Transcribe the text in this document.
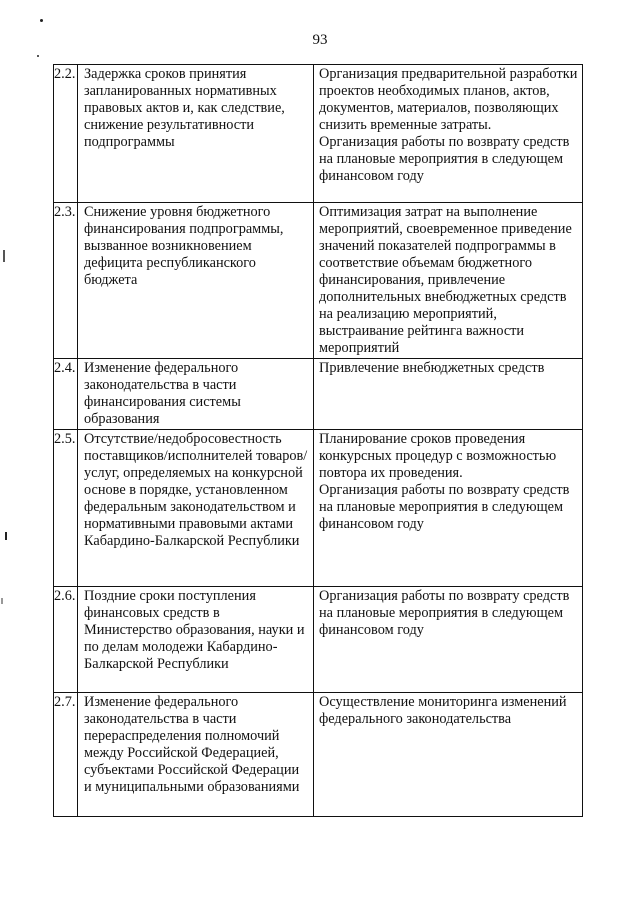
93
2.2.	Задержка сроков принятия запланированных нормативных правовых актов и, как следствие, снижение результативности подпрограммы	Организация предварительной разработки проектов необходимых планов, актов, документов, материалов, позволяющих снизить временные затраты.
Организация работы по возврату средств на плановые мероприятия в следующем финансовом году

2.3.	Снижение уровня бюджетного финансирования подпрограммы, вызванное возникновением дефицита республиканского бюджета	Оптимизация затрат на выполнение мероприятий, своевременное приведение значений показателей подпрограммы в соответствие объемам бюджетного финансирования, привлечение дополнительных внебюджетных средств на реализацию мероприятий, выстраивание рейтинга важности мероприятий

2.4.	Изменение федерального законодательства в части финансирования системы образования	Привлечение внебюджетных средств

2.5.	Отсутствие/недобросовестность поставщиков/исполнителей товаров/услуг, определяемых на конкурсной основе в порядке, установленном федеральным законодательством и нормативными правовыми актами Кабардино-Балкарской Республики	Планирование сроков проведения конкурсных процедур с возможностью повтора их проведения.
Организация работы по возврату средств на плановые мероприятия в следующем финансовом году

2.6.	Поздние сроки поступления финансовых средств в Министерство образования, науки и по делам молодежи Кабардино-Балкарской Республики	Организация работы по возврату средств на плановые мероприятия в следующем финансовом году

2.7.	Изменение федерального законодательства в части перераспределения полномочий между Российской Федерацией, субъектами Российской Федерации и муниципальными образованиями	Осуществление мониторинга изменений федерального законодательства
